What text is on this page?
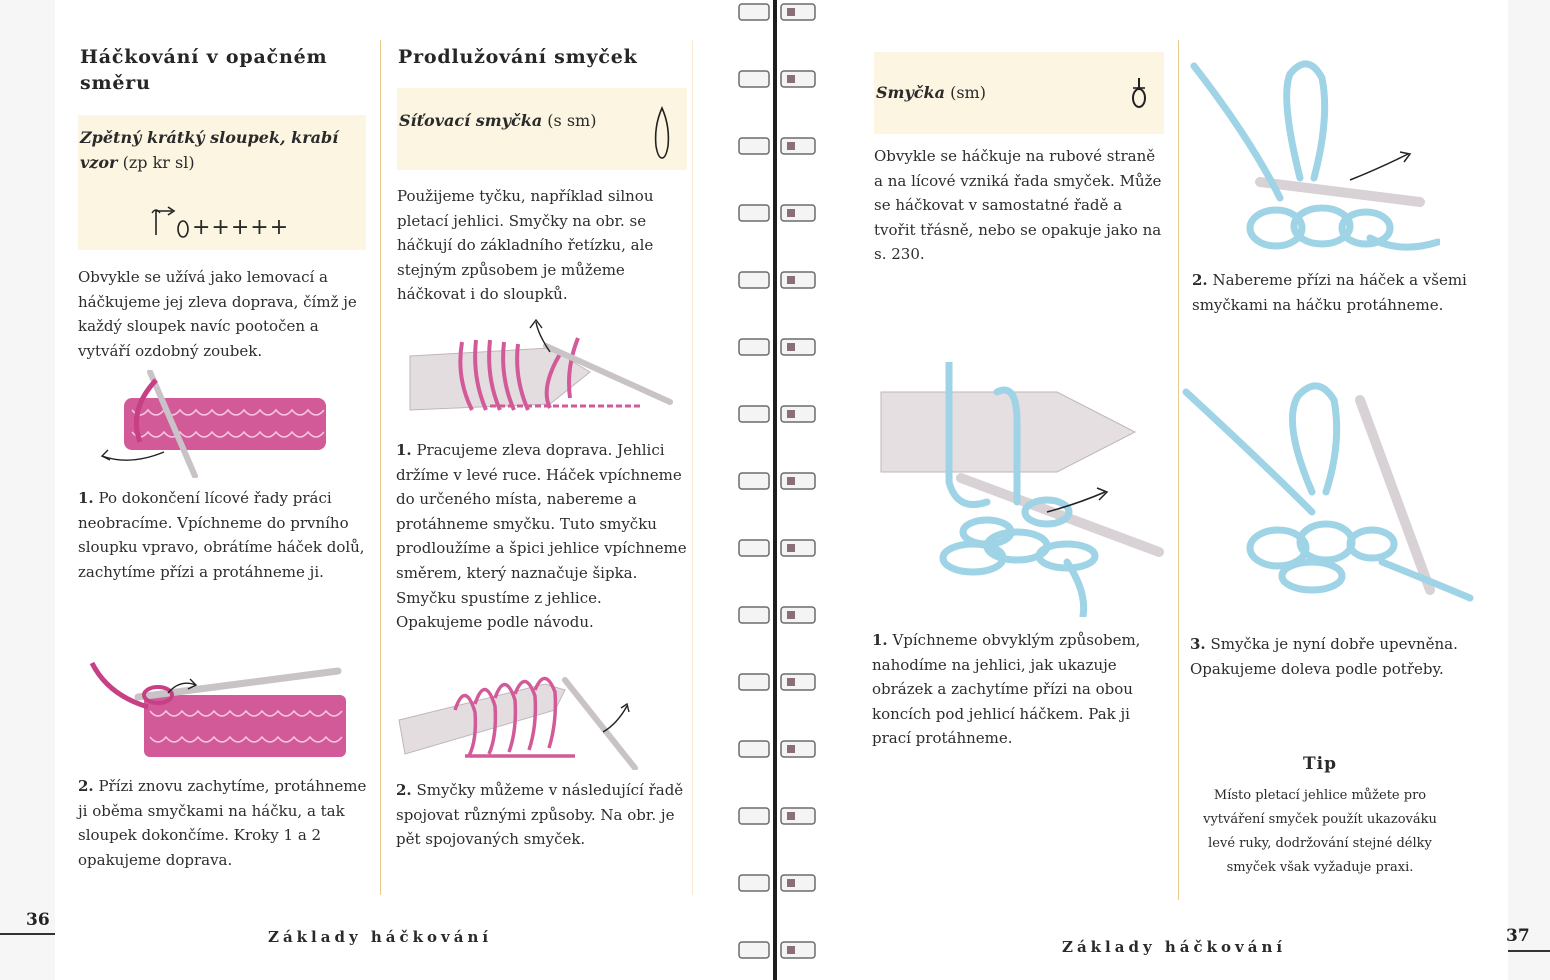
Háčkování v opačném směru
Zpětný krátký sloupek, krabí vzor (zp kr sl)
+++++

Obvykle se užívá jako lemovací a háčkujeme jej zleva doprava, čímž je každý sloupek navíc pootočen a vytváří ozdobný zoubek.

1. Po dokončení lícové řady práci neobracíme. Vpíchneme do prvního sloupku vpravo, obrátíme háček dolů, zachytíme přízi a protáhneme ji.

2. Přízi znovu zachytíme, protáhneme ji oběma smyčkami na háčku, a tak sloupek dokončíme. Kroky 1 a 2 opakujeme doprava.

Prodlužování smyček
Síťovací smyčka (s sm)

Použijeme tyčku, například silnou pletací jehlici. Smyčky na obr. se háčkují do základního řetízku, ale stejným způsobem je můžeme háčkovat i do sloupků.

1. Pracujeme zleva doprava. Jehlici držíme v levé ruce. Háček vpíchneme do určeného místa, nabereme a protáhneme smyčku. Tuto smyčku prodloužíme a špici jehlice vpíchneme směrem, který naznačuje šipka. Smyčku spustíme z jehlice. Opakujeme podle návodu.

2. Smyčky můžeme v následující řadě spojovat různými způsoby. Na obr. je pět spojovaných smyček.

36
Základy háčkování
Smyčka (sm)

Obvykle se háčkuje na rubové straně a na lícové vzniká řada smyček. Může se háčkovat v samostatné řadě a tvořit třásně, nebo se opakuje jako na s. 230.

1. Vpíchneme obvyklým způsobem, nahodíme na jehlici, jak ukazuje obrázek a zachytíme přízi na obou koncích pod jehlicí háčkem. Pak ji prací protáhneme.

2. Nabereme přízi na háček a všemi smyčkami na háčku protáhneme.

3. Smyčka je nyní dobře upevněna. Opakujeme doleva podle potřeby.

Tip

Místo pletací jehlice můžete pro vytváření smyček použít ukazováku levé ruky, dodržování stejné délky smyček však vyžaduje praxi.

Základy háčkování
37
